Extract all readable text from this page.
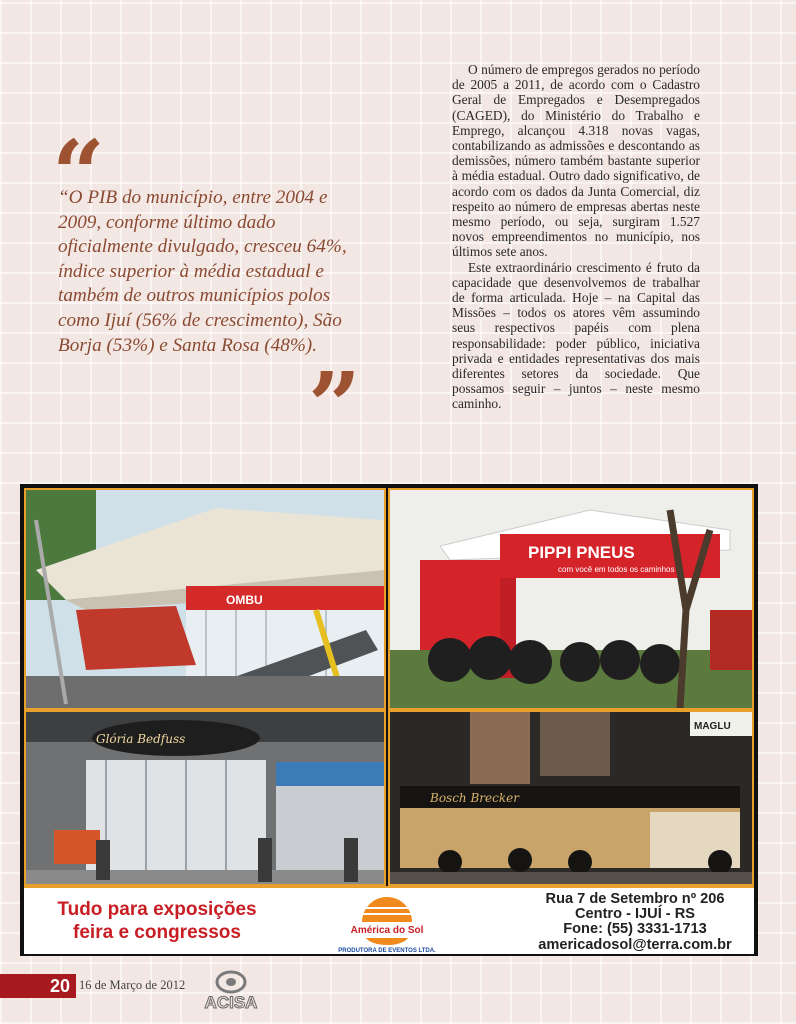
“
“O PIB do município, entre 2004 e 2009, conforme último dado oficialmente divulgado, cresceu 64%, índice superior à média estadual e também de outros municípios polos como Ijuí (56% de crescimento), São Borja (53%) e Santa Rosa (48%).
”

O número de empregos gerados no período de 2005 a 2011, de acordo com o Cadastro Geral de Empregados e Desempregados (CAGED), do Ministério do Trabalho e Emprego, alcançou 4.318 novas vagas, contabilizando as admissões e descontando as demissões, número também bastante superior à média estadual. Outro dado significativo, de acordo com os dados da Junta Comercial, diz respeito ao número de empresas abertas neste mesmo período, ou seja, surgiram 1.527 novos empreendimentos no município, nos últimos sete anos.

Este extraordinário crescimento é fruto da capacidade que desenvolvemos de trabalhar de forma articulada. Hoje – na Capital das Missões – todos os atores vêm assumindo seus respectivos papéis com plena responsabilidade: poder público, iniciativa privada e entidades representativas dos mais diferentes setores da sociedade. Que possamos seguir – juntos – neste mesmo caminho.

OMBU
PIPPI PNEUS
com você em todos os caminhos
Glória Bedfuss
MAGLU
Bosch Brecker
Tudo para exposições
feira e congressos	América do Sol
PRODUTORA DE EVENTOS LTDA.
Rua 7 de Setembro nº 206
Centro - IJUÍ - RS
Fone: (55) 3331-1713
americadosol@terra.com.br
20 16 de Março de 2012
ACISA
